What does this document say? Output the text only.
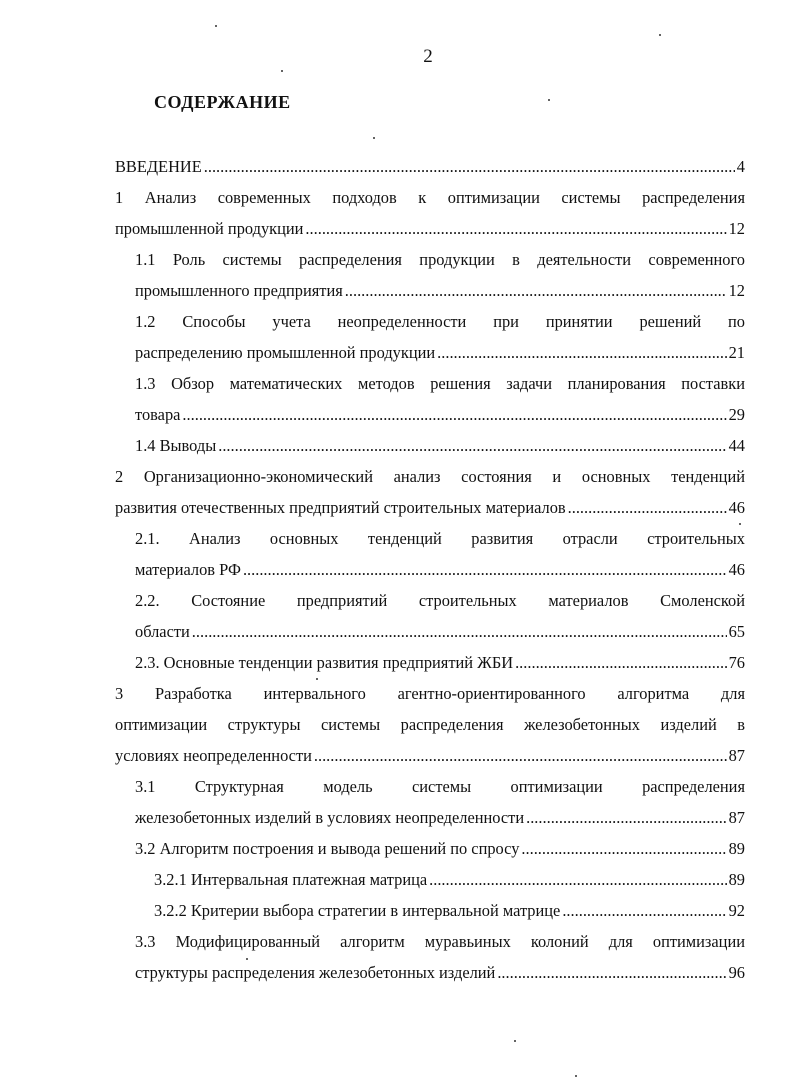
2
СОДЕРЖАНИЕ
ВВЕДЕНИЕ .....	4
1 Анализ современных подходов к оптимизации системы распределения
промышленной продукции .....	12
1.1 Роль системы распределения продукции в деятельности современного
промышленного предприятия .....	12
1.2 Способы учета неопределенности при принятии решений по
распределению промышленной продукции .....	21
1.3 Обзор математических методов решения задачи планирования поставки
товара .....	29
1.4 Выводы .....	44
2 Организационно-экономический анализ состояния и основных тенденций
развития отечественных предприятий строительных материалов .....	46
2.1. Анализ основных тенденций развития отрасли строительных
материалов РФ .....	46
2.2. Состояние предприятий строительных материалов Смоленской
области .....	65
2.3. Основные тенденции развития предприятий ЖБИ .....	76
3 Разработка интервального агентно-ориентированного алгоритма для
оптимизации структуры системы распределения железобетонных изделий в
условиях неопределенности .....	87
3.1 Структурная модель системы оптимизации распределения
железобетонных изделий в условиях неопределенности .....	87
3.2 Алгоритм построения и вывода решений по спросу .....	89
3.2.1 Интервальная платежная матрица .....	89
3.2.2 Критерии выбора стратегии в интервальной матрице .....	92
3.3 Модифицированный алгоритм муравьиных колоний для оптимизации
структуры распределения железобетонных изделий .....	96
